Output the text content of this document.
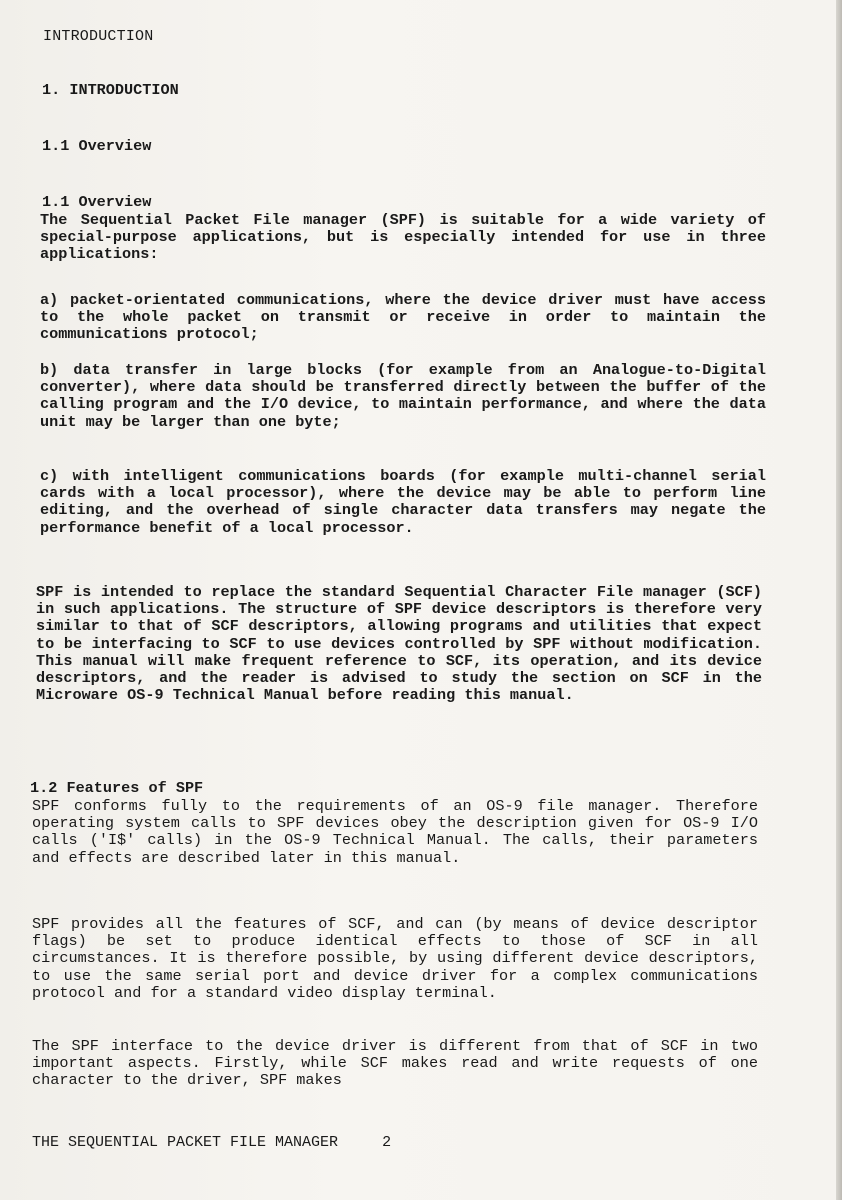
INTRODUCTION
1. INTRODUCTION
1.1 Overview
1.1 Overview

The Sequential Packet File manager (SPF) is suitable for a wide variety of special-purpose applications, but is especially intended for use in three applications:

a) packet-orientated communications, where the device driver must have access to the whole packet on transmit or receive in order to maintain the communications protocol;

b) data transfer in large blocks (for example from an Analogue-to-Digital converter), where data should be transferred directly between the buffer of the calling program and the I/O device, to maintain performance, and where the data unit may be larger than one byte;

c) with intelligent communications boards (for example multi-channel serial cards with a local processor), where the device may be able to perform line editing, and the overhead of single character data transfers may negate the performance benefit of a local processor.

SPF is intended to replace the standard Sequential Character File manager (SCF) in such applications. The structure of SPF device descriptors is therefore very similar to that of SCF descriptors, allowing programs and utilities that expect to be interfacing to SCF to use devices controlled by SPF without modification. This manual will make frequent reference to SCF, its operation, and its device descriptors, and the reader is advised to study the section on SCF in the Microware OS-9 Technical Manual before reading this manual.

1.2 Features of SPF

SPF conforms fully to the requirements of an OS-9 file manager. Therefore operating system calls to SPF devices obey the description given for OS-9 I/O calls ('I$' calls) in the OS-9 Technical Manual. The calls, their parameters and effects are described later in this manual.

SPF provides all the features of SCF, and can (by means of device descriptor flags) be set to produce identical effects to those of SCF in all circumstances. It is therefore possible, by using different device descriptors, to use the same serial port and device driver for a complex communications protocol and for a standard video display terminal.

The SPF interface to the device driver is different from that of SCF in two important aspects. Firstly, while SCF makes read and write requests of one character to the driver, SPF makes

THE SEQUENTIAL PACKET FILE MANAGER	2
